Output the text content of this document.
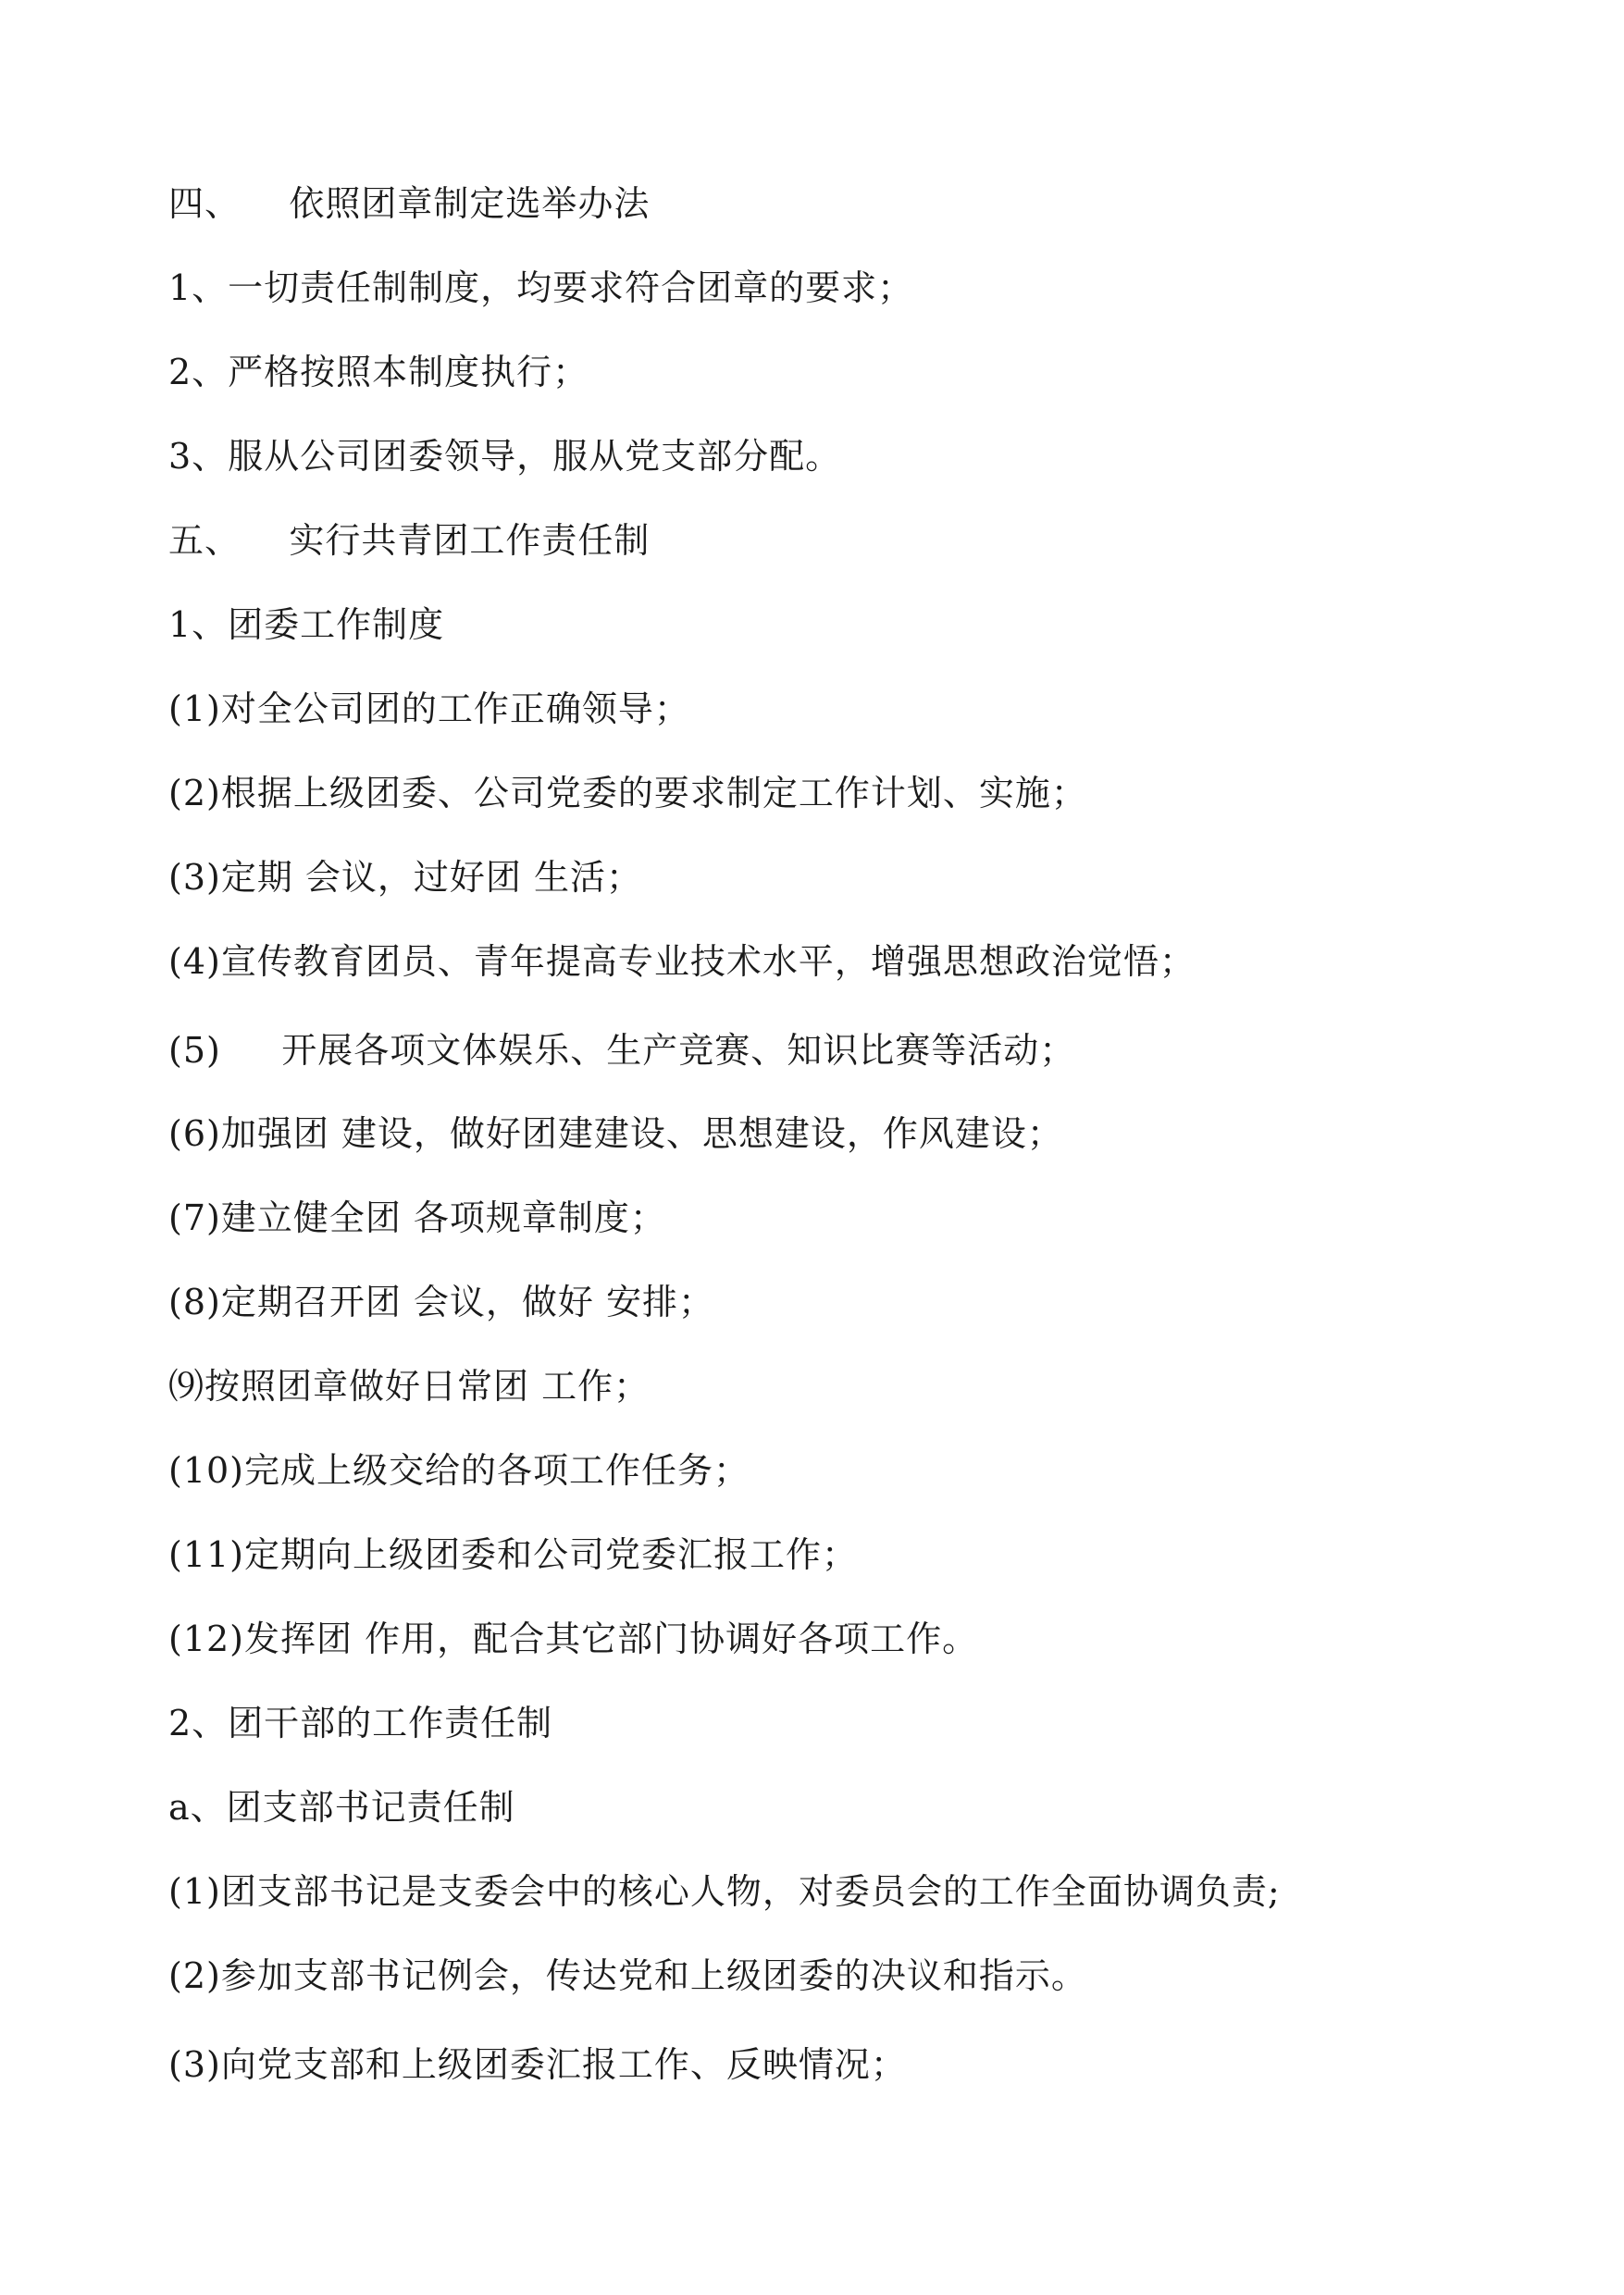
四、    依照团章制定选举办法
1、一切责任制制度，均要求符合团章的要求；
2、严格按照本制度执行；
3、服从公司团委领导，服从党支部分配。
五、    实行共青团工作责任制
1、团委工作制度
(1)对全公司团的工作正确领导；
(2)根据上级团委、公司党委的要求制定工作计划、实施；
(3)定期 会议，过好团 生活；
(4)宣传教育团员、青年提高专业技术水平，增强思想政治觉悟；
(5)     开展各项文体娱乐、生产竞赛、知识比赛等活动；
(6)加强团 建设，做好团建建设、思想建设，作风建设；
(7)建立健全团 各项规章制度；
(8)定期召开团 会议，做好 安排；
⑼按照团章做好日常团 工作；
(10)完成上级交给的各项工作任务；
(11)定期向上级团委和公司党委汇报工作；
(12)发挥团 作用，配合其它部门协调好各项工作。
2、团干部的工作责任制
a、团支部书记责任制
(1)团支部书记是支委会中的核心人物，对委员会的工作全面协调负责;
(2)参加支部书记例会，传达党和上级团委的决议和指示。
(3)向党支部和上级团委汇报工作、反映情况；
